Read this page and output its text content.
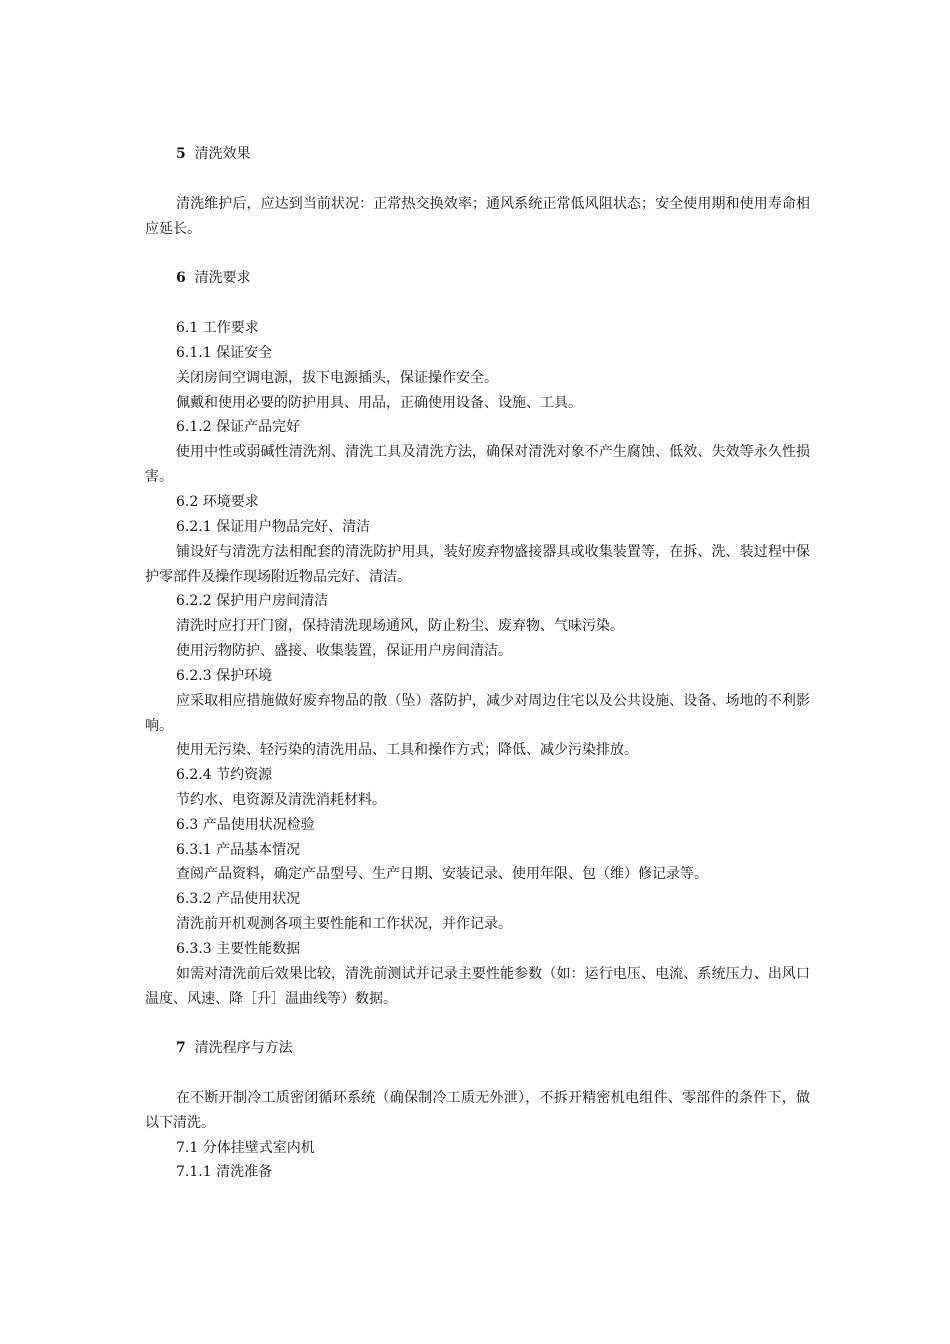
5 清洗效果
清洗维护后，应达到当前状况：正常热交换效率；通风系统正常低风阻状态；安全使用期和使用寿命相应延长。
6 清洗要求
6.1 工作要求
6.1.1 保证安全
关闭房间空调电源，拔下电源插头，保证操作安全。
佩戴和使用必要的防护用具、用品，正确使用设备、设施、工具。
6.1.2 保证产品完好
使用中性或弱碱性清洗剂、清洗工具及清洗方法，确保对清洗对象不产生腐蚀、低效、失效等永久性损害。
6.2 环境要求
6.2.1 保证用户物品完好、清洁
铺设好与清洗方法相配套的清洗防护用具，装好废弃物盛接器具或收集装置等，在拆、洗、装过程中保护零部件及操作现场附近物品完好、清洁。
6.2.2 保护用户房间清洁
清洗时应打开门窗，保持清洗现场通风，防止粉尘、废弃物、气味污染。
使用污物防护、盛接、收集装置，保证用户房间清洁。
6.2.3 保护环境
应采取相应措施做好废弃物品的散（坠）落防护，减少对周边住宅以及公共设施、设备、场地的不利影响。
使用无污染、轻污染的清洗用品、工具和操作方式；降低、减少污染排放。
6.2.4 节约资源
节约水、电资源及清洗消耗材料。
6.3 产品使用状况检验
6.3.1 产品基本情况
查阅产品资料，确定产品型号、生产日期、安装记录、使用年限、包（维）修记录等。
6.3.2 产品使用状况
清洗前开机观测各项主要性能和工作状况，并作记录。
6.3.3 主要性能数据
如需对清洗前后效果比较，清洗前测试并记录主要性能参数（如：运行电压、电流、系统压力、出风口温度、风速、降［升］温曲线等）数据。
7 清洗程序与方法
在不断开制冷工质密闭循环系统（确保制冷工质无外泄），不拆开精密机电组件、零部件的条件下，做以下清洗。
7.1 分体挂壁式室内机
7.1.1 清洗准备
